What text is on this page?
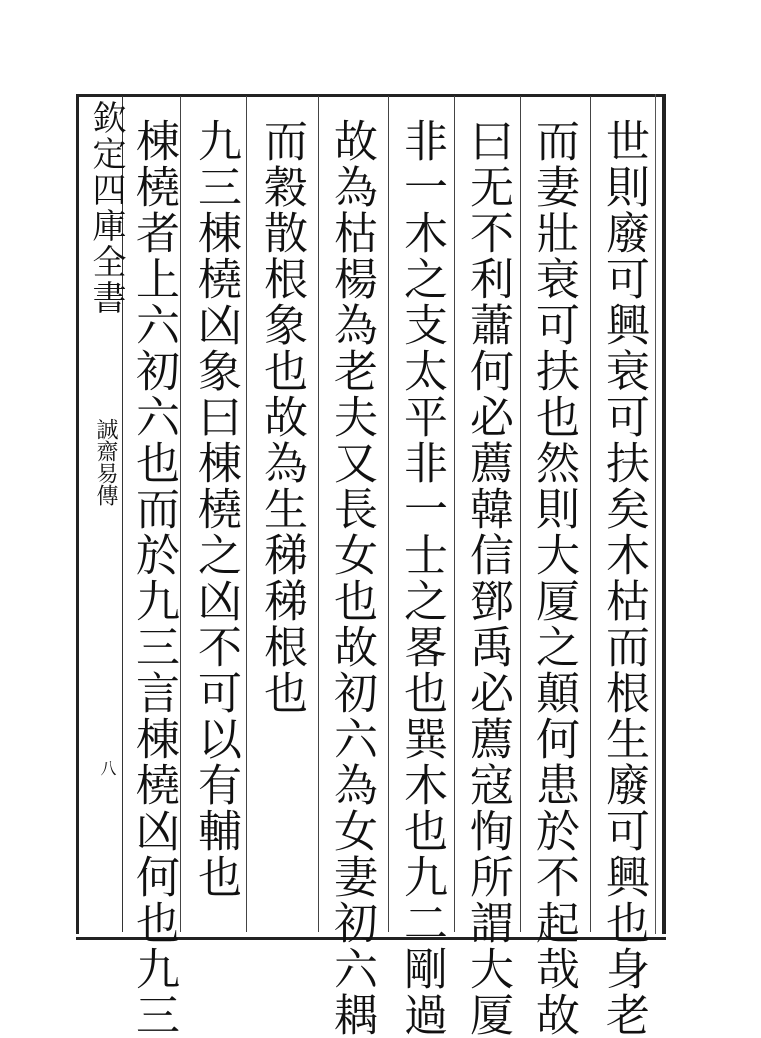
欽定四庫全書
誠齋易傳
八	世則廢可興衰可扶矣木枯而根生廢可興也身老
而妻壯衰可扶也然則大厦之顛何患於不起哉故
曰无不利蕭何必薦韓信鄧禹必薦寇恂所謂大厦
非一木之支太平非一士之畧也巽木也九二剛過
故為枯楊為老夫又長女也故初六為女妻初六耦
而穀散根象也故為生稊稊根也
九三棟橈凶象曰棟橈之凶不可以有輔也
棟橈者上六初六也而於九三言棟橈凶何也九三
